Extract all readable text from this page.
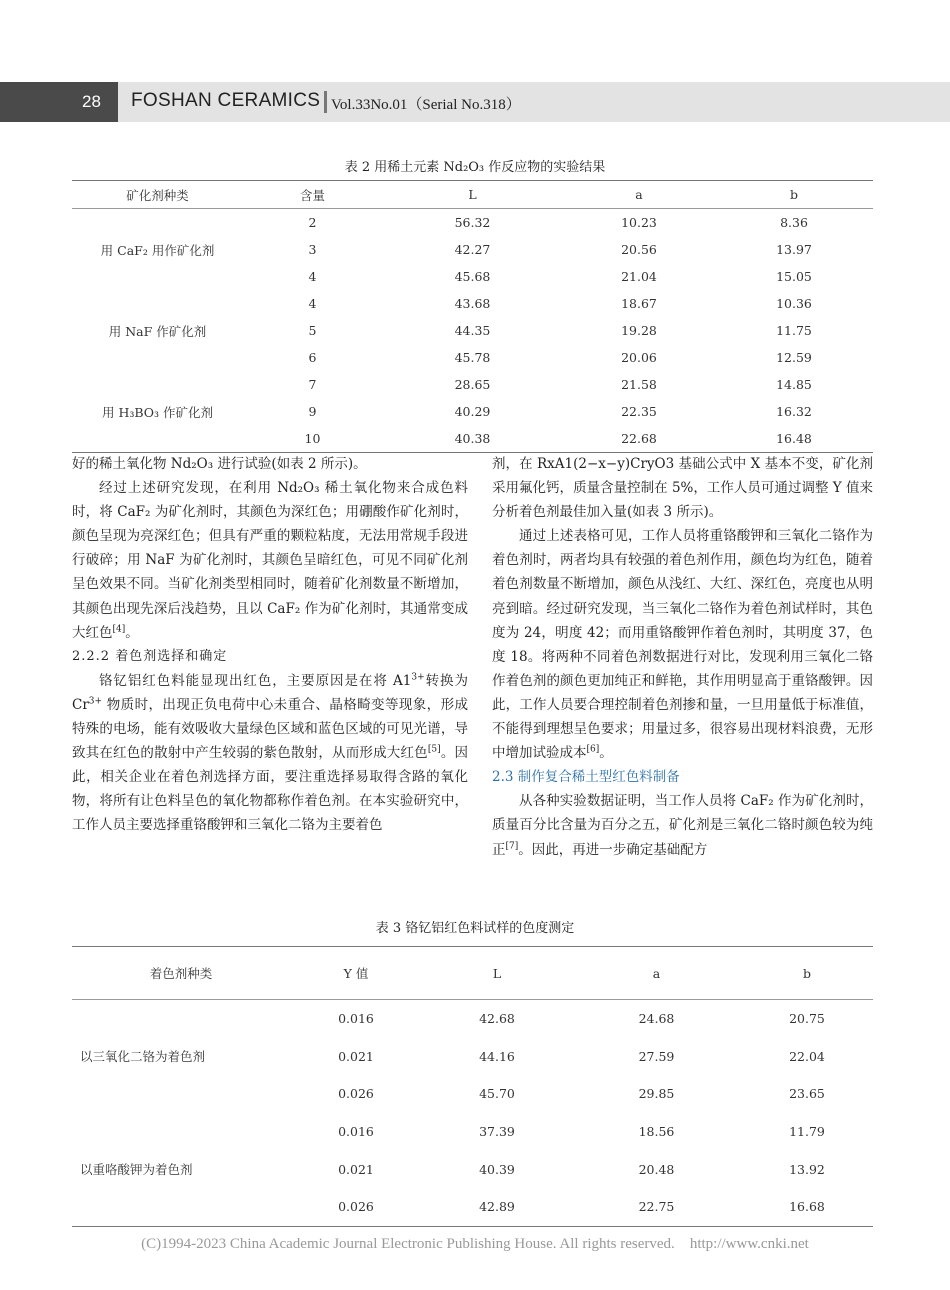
28 FOSHAN CERAMICS Vol.33No.01（Serial No.318）
表 2 用稀土元素 Nd₂O₃ 作反应物的实验结果
矿化剂种类	含量	L	a	b
用 CaF₂ 用作矿化剂	2	56.32	10.23	8.36
	3	42.27	20.56	13.97
	4	45.68	21.04	15.05
用 NaF 作矿化剂	4	43.68	18.67	10.36
	5	44.35	19.28	11.75
	6	45.78	20.06	12.59
用 H₃BO₃ 作矿化剂	7	28.65	21.58	14.85
	9	40.29	22.35	16.32
	10	40.38	22.68	16.48

好的稀土氧化物 Nd₂O₃ 进行试验(如表 2 所示)。

经过上述研究发现，在利用 Nd₂O₃ 稀土氧化物来合成色料时，将 CaF₂ 为矿化剂时，其颜色为深红色；用硼酸作矿化剂时，颜色呈现为亮深红色；但具有严重的颗粒粘度，无法用常规手段进行破碎；用 NaF 为矿化剂时，其颜色呈暗红色，可见不同矿化剂呈色效果不同。当矿化剂类型相同时，随着矿化剂数量不断增加，其颜色出现先深后浅趋势，且以 CaF₂ 作为矿化剂时，其通常变成大红色[4]。

2.2.2 着色剂选择和确定

铬钇铝红色料能显现出红色，主要原因是在将 $A1^{3+}$转换为 $Cr^{3+}$ 物质时，出现正负电荷中心未重合、晶格畸变等现象，形成特殊的电场，能有效吸收大量绿色区域和蓝色区域的可见光谱，导致其在红色的散射中产生较弱的紫色散射，从而形成大红色[5]。因此，相关企业在着色剂选择方面，要注重选择易取得含路的氧化物，将所有让色料呈色的氧化物都称作着色剂。在本实验研究中，工作人员主要选择重铬酸钾和三氧化二铬为主要着色

剂，在 RxA1(2−x−y)CryO3 基础公式中 X 基本不变，矿化剂采用氟化钙，质量含量控制在 5%，工作人员可通过调整 Y 值来分析着色剂最佳加入量(如表 3 所示)。

通过上述表格可见，工作人员将重铬酸钾和三氧化二铬作为着色剂时，两者均具有较强的着色剂作用，颜色均为红色，随着着色剂数量不断增加，颜色从浅红、大红、深红色，亮度也从明亮到暗。经过研究发现，当三氧化二铬作为着色剂试样时，其色度为 24，明度 42；而用重铬酸钾作着色剂时，其明度 37，色度 18。将两种不同着色剂数据进行对比，发现利用三氧化二铬作着色剂的颜色更加纯正和鲜艳，其作用明显高于重铬酸钾。因此，工作人员要合理控制着色剂掺和量，一旦用量低于标准值，不能得到理想呈色要求；用量过多，很容易出现材料浪费，无形中增加试验成本[6]。

2.3 制作复合稀土型红色料制备

从各种实验数据证明，当工作人员将 CaF₂ 作为矿化剂时，质量百分比含量为百分之五，矿化剂是三氧化二铬时颜色较为纯正[7]。因此，再进一步确定基础配方

表 3 铬钇铝红色料试样的色度测定
着色剂种类	Y 值	L	a	b
以三氧化二铬为着色剂	0.016	42.68	24.68	20.75
	0.021	44.16	27.59	22.04
	0.026	45.70	29.85	23.65
以重咯酸钾为着色剂	0.016	37.39	18.56	11.79
	0.021	40.39	20.48	13.92
	0.026	42.89	22.75	16.68
(C)1994-2023 China Academic Journal Electronic Publishing House. All rights reserved. http://www.cnki.net
